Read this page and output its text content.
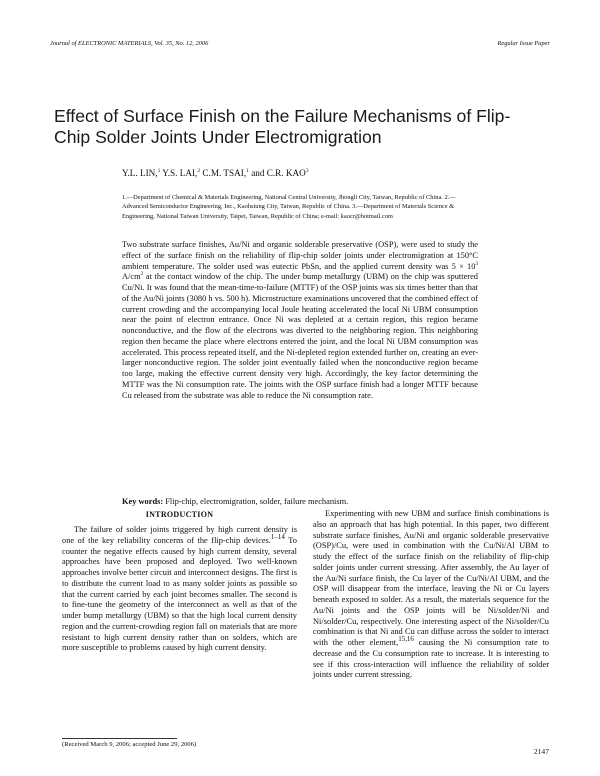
Journal of ELECTRONIC MATERIALS, Vol. 35, No. 12, 2006	Regular Issue Paper
Effect of Surface Finish on the Failure Mechanisms of Flip-Chip Solder Joints Under Electromigration
Y.L. LIN,$^1$ Y.S. LAI,$^2$ C.M. TSAI,$^1$ and C.R. KAO$^3$
1.—Department of Chemical & Materials Engineering, National Central University, Jhongli City, Taiwan, Republic of China. 2.—Advanced Semiconductor Engineering, Inc., Kaohsiung City, Taiwan, Republic of China. 3.—Department of Materials Science & Engineering, National Taiwan University, Taipei, Taiwan, Republic of China; e-mail: kaocr@hotmail.com

Two substrate surface finishes, Au/Ni and organic solderable preservative (OSP), were used to study the effect of the surface finish on the reliability of flip-chip solder joints under electromigration at 150°C ambient temperature. The solder used was eutectic PbSn, and the applied current density was $5 \times 10^3$ $A/cm^2$ at the contact window of the chip. The under bump metallurgy (UBM) on the chip was sputtered Cu/Ni. It was found that the mean-time-to-failure (MTTF) of the OSP joints was six times better than that of the Au/Ni joints (3080 h vs. 500 h). Microstructure examinations uncovered that the combined effect of current crowding and the accompanying local Joule heating accelerated the local Ni UBM consumption near the point of electron entrance. Once Ni was depleted at a certain region, this region became nonconductive, and the flow of the electrons was diverted to the neighboring region. This neighboring region then became the place where electrons entered the joint, and the local Ni UBM consumption was accelerated. This process repeated itself, and the Ni-depleted region extended further on, creating an ever-larger nonconductive region. The solder joint eventually failed when the nonconductive region became too large, making the effective current density very high. Accordingly, the key factor determining the MTTF was the Ni consumption rate. The joints with the OSP surface finish had a longer MTTF because Cu released from the substrate was able to reduce the Ni consumption rate.

Key words: Flip-chip, electromigration, solder, failure mechanism.
INTRODUCTION

The failure of solder joints triggered by high current density is one of the key reliability concerns of the flip-chip devices.$^{1-14}$ To counter the negative effects caused by high current density, several approaches have been proposed and deployed. Two well-known approaches involve better circuit and interconnect designs. The first is to distribute the current load to as many solder joints as possible so that the current carried by each joint becomes smaller. The second is to fine-tune the geometry of the interconnect as well as that of the under bump metallurgy (UBM) so that the high local current density region and the current-crowding region fall on materials that are more resistant to high current density rather than on solders, which are more susceptible to problems caused by high current density.

Experimenting with new UBM and surface finish combinations is also an approach that has high potential. In this paper, two different substrate surface finishes, Au/Ni and organic solderable preservative (OSP)/Cu, were used in combination with the Cu/Ni/Al UBM to study the effect of the surface finish on the reliability of flip-chip solder joints under current stressing. After assembly, the Au layer of the Au/Ni surface finish, the Cu layer of the Cu/Ni/Al UBM, and the OSP will disappear from the interface, leaving the Ni or Cu layers beneath exposed to solder. As a result, the materials sequence for the Au/Ni joints and the OSP joints will be Ni/solder/Ni and Ni/solder/Cu, respectively. One interesting aspect of the Ni/solder/Cu combination is that Ni and Cu can diffuse across the solder to interact with the other element,$^{15,16}$ causing the Ni consumption rate to decrease and the Cu consumption rate to increase. It is interesting to see if this cross-interaction will influence the reliability of solder joints under current stressing.

(Received March 9, 2006; accepted June 29, 2006)
2147
